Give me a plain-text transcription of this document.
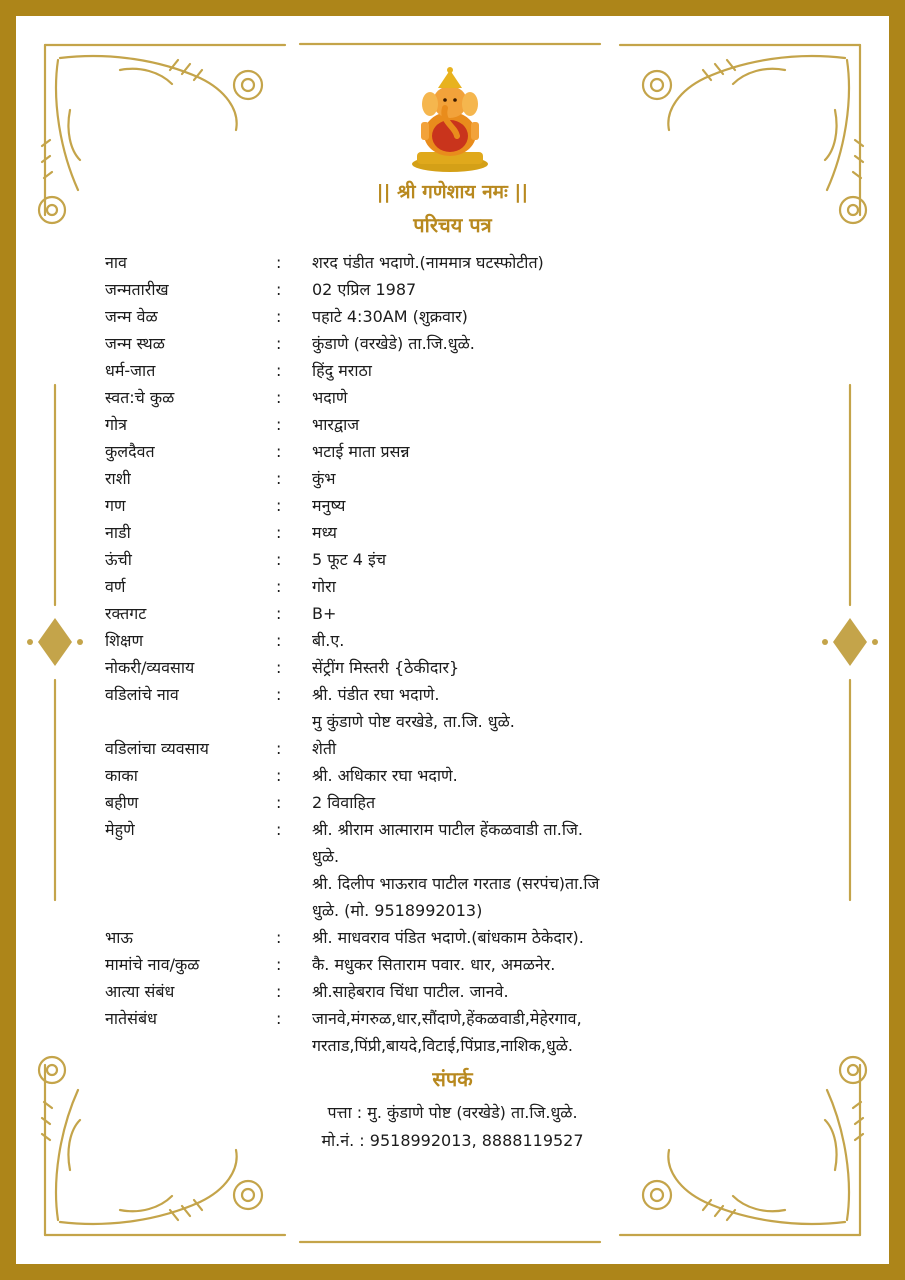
|| श्री गणेशाय नमः ||
परिचय पत्र
नाव	: शरद पंडीत भदाणे.(नाममात्र घटस्फोटीत)
जन्मतारीख	: 02 एप्रिल 1987
जन्म वेळ	: पहाटे 4:30AM (शुक्रवार)
जन्म स्थळ	: कुंडाणे (वरखेडे) ता.जि.धुळे.
धर्म-जात	: हिंदु मराठा
स्वत:चे कुळ	: भदाणे
गोत्र	: भारद्वाज
कुलदैवत	: भटाई माता प्रसन्न
राशी	: कुंभ
गण	: मनुष्य
नाडी	: मध्य
ऊंची	: 5 फूट 4 इंच
वर्ण	: गोरा
रक्तगट	: B+
शिक्षण	: बी.ए.
नोकरी/व्यवसाय	: सेंट्रींग मिस्तरी {ठेकीदार}
वडिलांचे नाव	: श्री. पंडीत रघा भदाणे.
मु कुंडाणे पोष्ट वरखेडे, ता.जि. धुळे.
वडिलांचा व्यवसाय	: शेती
काका	: श्री. अधिकार रघा भदाणे.
बहीण	: 2 विवाहित
मेहुणे	: श्री. श्रीराम आत्माराम पाटील हेंकळवाडी ता.जि.
धुळे.
श्री. दिलीप भाऊराव पाटील गरताड (सरपंच)ता.जि
धुळे. (मो. 9518992013)
भाऊ	: श्री. माधवराव पंडित भदाणे.(बांधकाम ठेकेदार).
मामांचे नाव/कुळ	: कै. मधुकर सिताराम पवार. धार, अमळनेर.
आत्या संबंध	: श्री.साहेबराव चिंधा पाटील. जानवे.
नातेसंबंध	: जानवे,मंगरुळ,धार,सौंदाणे,हेंकळवाडी,मेहेरगाव,
गरताड,पिंप्री,बायदे,विटाई,पिंप्राड,नाशिक,धुळे.
संपर्क
पत्ता : मु. कुंडाणे पोष्ट (वरखेडे) ता.जि.धुळे.
मो.नं. : 9518992013, 8888119527
